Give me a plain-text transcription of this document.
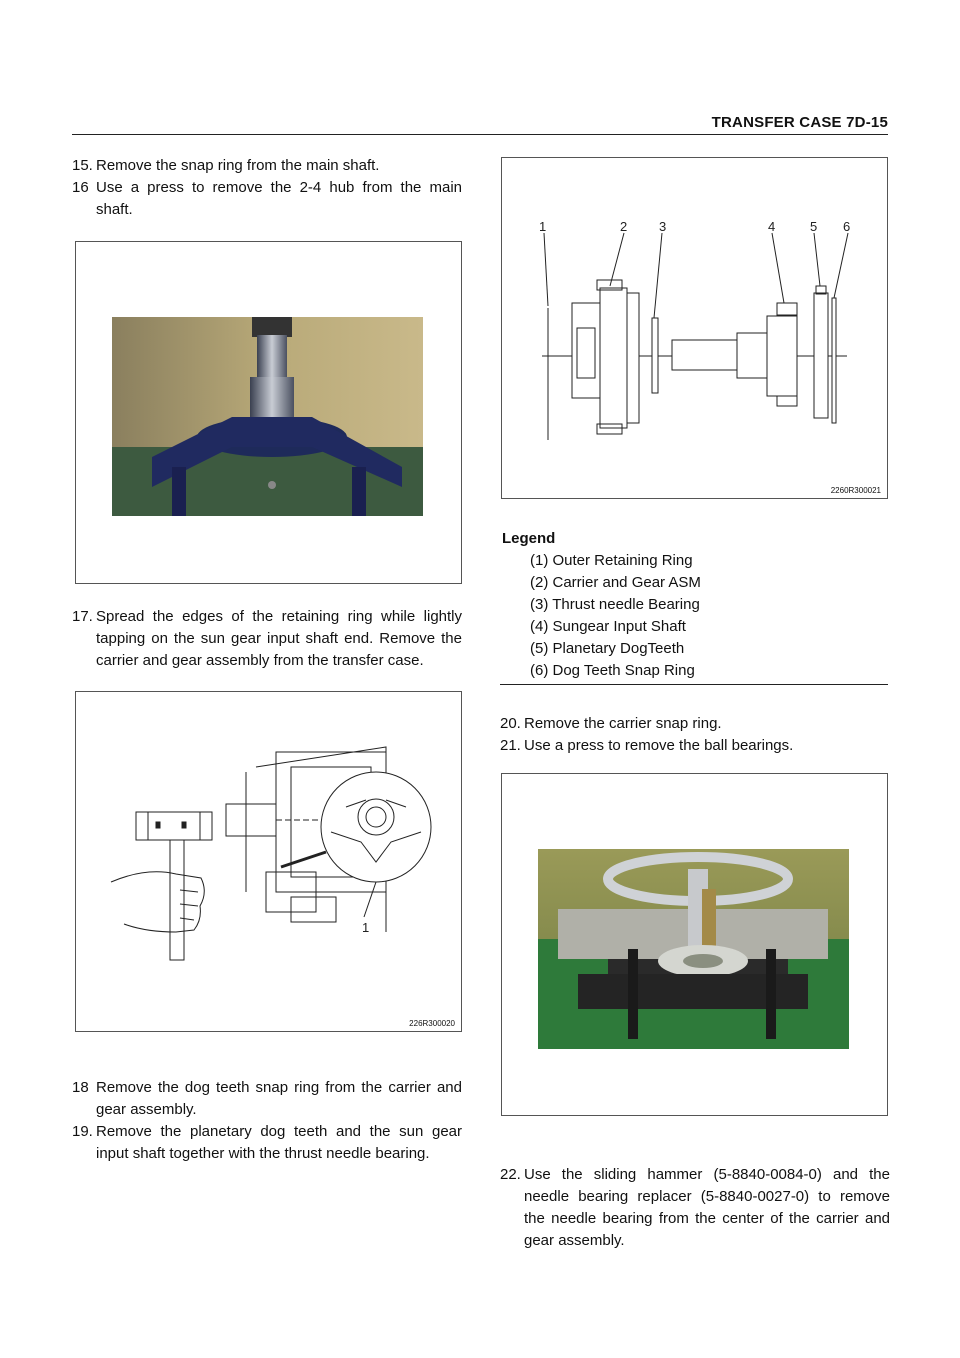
TRANSFER CASE 7D-15
15. Remove the snap ring from the main shaft.
16 Use a press to remove the 2-4 hub from the main shaft.
17. Spread the edges of the retaining ring while lightly tapping on the sun gear input shaft end. Remove the carrier and gear assembly from the transfer case.
1
226R300020
18 Remove the dog teeth snap ring from the carrier and gear assembly.
19. Remove the planetary dog teeth and the sun gear input shaft together with the thrust needle bearing.
1	2 3	4	5 6
2260R300021
Legend
(1) Outer Retaining Ring
(2) Carrier and Gear ASM
(3) Thrust needle Bearing
(4) Sungear Input Shaft
(5) Planetary DogTeeth
(6) Dog Teeth Snap Ring
20. Remove the carrier snap ring.
21. Use a press to remove the ball bearings.
22. Use the sliding hammer (5-8840-0084-0) and the needle bearing replacer (5-8840-0027-0) to remove the needle bearing from the center of the carrier and gear assembly.
